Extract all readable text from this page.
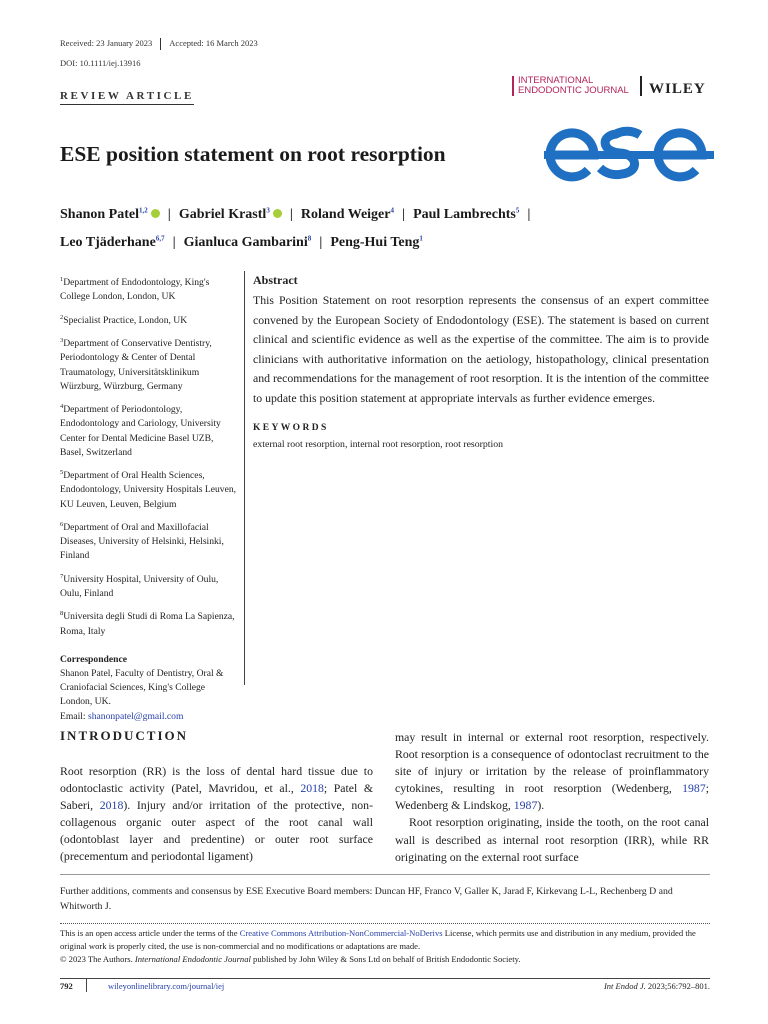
Received: 23 January 2023 Accepted: 16 March 2023
DOI: 10.1111/iej.13916
REVIEW ARTICLE
INTERNATIONAL
ENDODONTIC JOURNAL WILEY
ESE position statement on root resorption
Shanon Patel$^{1,2}$ | Gabriel Krastl$^3$ | Roland Weiger$^4$ | Paul Lambrechts$^5$ |
Leo Tjäderhane$^{6,7}$ | Gianluca Gambarini$^8$ | Peng-Hui Teng$^1$

$^1$Department of Endodontology, King's College London, London, UK

$^2$Specialist Practice, London, UK

$^3$Department of Conservative Dentistry, Periodontology & Center of Dental Traumatology, Universitätsklinikum Würzburg, Würzburg, Germany

$^4$Department of Periodontology, Endodontology and Cariology, University Center for Dental Medicine Basel UZB, Basel, Switzerland

$^5$Department of Oral Health Sciences, Endodontology, University Hospitals Leuven, KU Leuven, Leuven, Belgium

$^6$Department of Oral and Maxillofacial Diseases, University of Helsinki, Helsinki, Finland

$^7$University Hospital, University of Oulu, Oulu, Finland

$^8$Universita degli Studi di Roma La Sapienza, Roma, Italy

Correspondence
Shanon Patel, Faculty of Dentistry, Oral & Craniofacial Sciences, King's College London, UK.
Email: shanonpatel@gmail.com
Abstract
This Position Statement on root resorption represents the consensus of an expert committee convened by the European Society of Endodontology (ESE). The statement is based on current clinical and scientific evidence as well as the expertise of the committee. The aim is to provide clinicians with authoritative information on the aetiology, histopathology, clinical presentation and recommendations for the management of root resorption. It is the intention of the committee to update this position statement at appropriate intervals as further evidence emerges.
KEYWORDS
external root resorption, internal root resorption, root resorption
INTRODUCTION

Root resorption (RR) is the loss of dental hard tissue due to odontoclastic activity (Patel, Mavridou, et al., 2018; Patel & Saberi, 2018). Injury and/or irritation of the protective, non-collagenous organic outer aspect of the root canal wall (odontoblast layer and predentine) or outer root surface (precementum and periodontal ligament)

may result in internal or external root resorption, respectively. Root resorption is a consequence of odontoclast recruitment to the site of injury or irritation by the release of proinflammatory cytokines, resulting in root resorption (Wedenberg, 1987; Wedenberg & Lindskog, 1987).

Root resorption originating, inside the tooth, on the root canal wall is described as internal root resorption (IRR), while RR originating on the external root surface

Further additions, comments and consensus by ESE Executive Board members: Duncan HF, Franco V, Galler K, Jarad F, Kirkevang L-L, Rechenberg D and Whitworth J.
This is an open access article under the terms of the Creative Commons Attribution-NonCommercial-NoDerivs License, which permits use and distribution in any medium, provided the original work is properly cited, the use is non-commercial and no modifications or adaptations are made.
© 2023 The Authors. International Endodontic Journal published by John Wiley & Sons Ltd on behalf of British Endodontic Society.
792	wileyonlinelibrary.com/journal/iej	Int Endod J. 2023;56:792–801.
